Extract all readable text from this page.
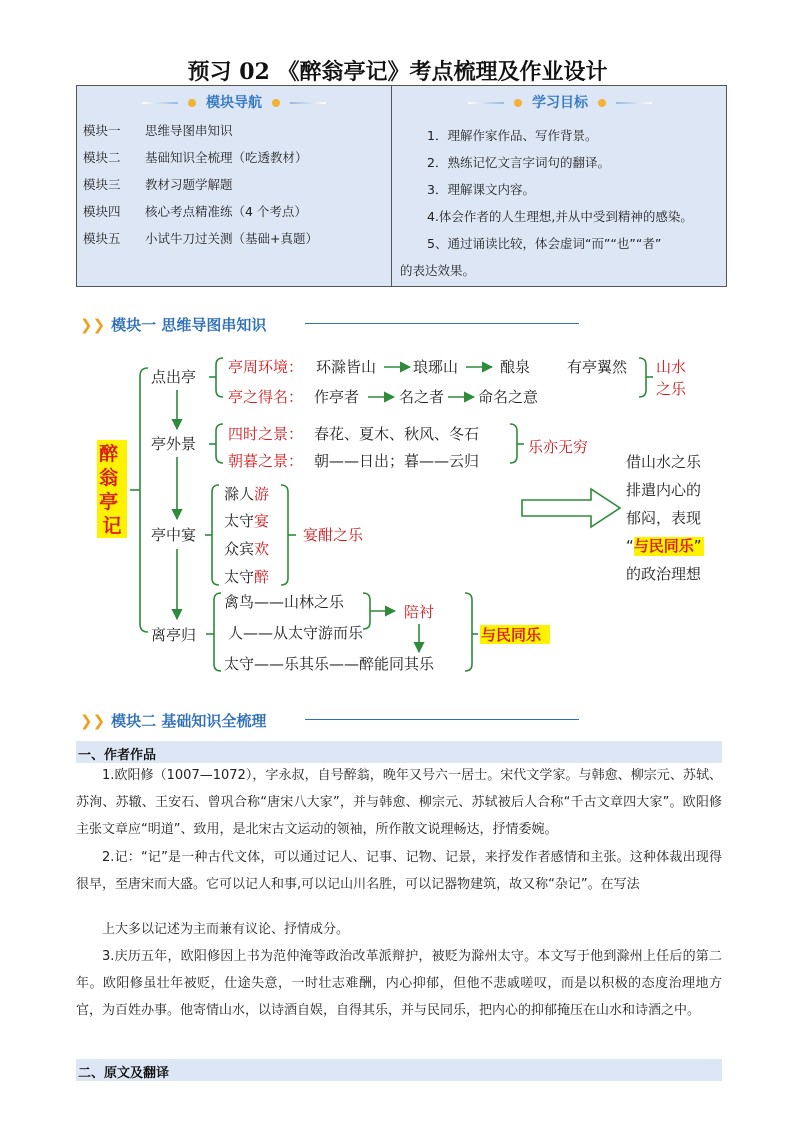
预习 02 《醉翁亭记》考点梳理及作业设计
模块导航	学习目标
模块一 思维导图串知识
模块二 基础知识全梳理（吃透教材）
模块三 教材习题学解题
模块四 核心考点精准练（4 个考点）
模块五 小试牛刀过关测（基础+真题）
1．理解作家作品、写作背景。
2．熟练记忆文言字词句的翻译。
3．理解课文内容。
4.体会作者的人生理想,并从中受到精神的感染。
5、通过诵读比较，体会虚词“而”“也”“者”
的表达效果。
❯❯ 模块一 思维导图串知识
醉 翁 亭 记
点出亭
亭外景
亭中宴
离亭归
亭周环境： 环滁皆山 琅琊山	酿泉 有亭翼然
亭之得名： 作亭者	名之者 命名之意
山水之乐
四时之景： 春花、夏木、秋风、冬石
朝暮之景： 朝——日出；暮——云归
乐亦无穷
滁人游
太守宴
众宾欢
太守醉
宴酣之乐
借山水之乐
排遣内心的
郁闷，表现
“与民同乐”
的政治理想
禽鸟——山林之乐
人——从太守游而乐
太守——乐其乐——醉能同其乐
陪衬
与民同乐
❯❯ 模块二 基础知识全梳理
一、作者作品
1.欧阳修（1007—1072），字永叔，自号醉翁，晚年又号六一居士。宋代文学家。与韩愈、柳宗元、苏轼、苏洵、苏辙、王安石、曾巩合称“唐宋八大家”，并与韩愈、柳宗元、苏轼被后人合称“千古文章四大家”。欧阳修主张文章应“明道”、致用，是北宋古文运动的领袖，所作散文说理畅达，抒情委婉。
2.记：“记”是一种古代文体，可以通过记人、记事、记物、记景，来抒发作者感情和主张。这种体裁出现得很早，至唐宋而大盛。它可以记人和事,可以记山川名胜，可以记器物建筑，故又称“杂记”。在写法
上大多以记述为主而兼有议论、抒情成分。
3.庆历五年，欧阳修因上书为范仲淹等政治改革派辩护，被贬为滁州太守。本文写于他到滁州上任后的第二年。欧阳修虽壮年被贬，仕途失意，一时壮志难酬，内心抑郁，但他不悲戚嗟叹，而是以积极的态度治理地方官，为百姓办事。他寄情山水，以诗酒自娱，自得其乐，并与民同乐，把内心的抑郁掩压在山水和诗酒之中。
二、原文及翻译
